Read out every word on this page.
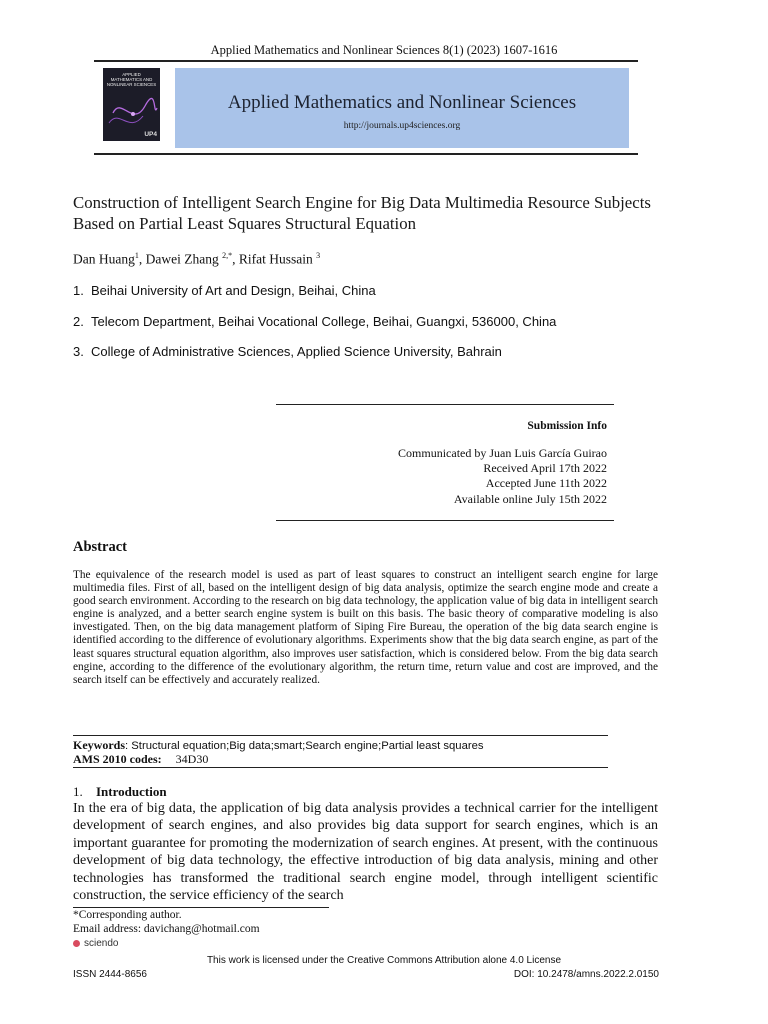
Applied Mathematics and Nonlinear Sciences 8(1) (2023) 1607-1616
APPLIED MATHEMATICS AND NONLINEAR SCIENCES
UP4
Applied Mathematics and Nonlinear Sciences
http://journals.up4sciences.org
Construction of Intelligent Search Engine for Big Data Multimedia Resource Subjects Based on Partial Least Squares Structural Equation
Dan Huang$^1$, Dawei Zhang $^{2,*}$, Rifat Hussain $^3$
1. Beihai University of Art and Design, Beihai, China
2. Telecom Department, Beihai Vocational College, Beihai, Guangxi, 536000, China
3. College of Administrative Sciences, Applied Science University, Bahrain
Submission Info
Communicated by Juan Luis García Guirao
Received April 17th 2022
Accepted June 11th 2022
Available online July 15th 2022
Abstract
The equivalence of the research model is used as part of least squares to construct an intelligent search engine for large multimedia files. First of all, based on the intelligent design of big data analysis, optimize the search engine mode and create a good search environment. According to the research on big data technology, the application value of big data in intelligent search engine is analyzed, and a better search engine system is built on this basis. The basic theory of comparative modeling is also investigated. Then, on the big data management platform of Siping Fire Bureau, the operation of the big data search engine is identified according to the difference of evolutionary algorithms. Experiments show that the big data search engine, as part of the least squares structural equation algorithm, also improves user satisfaction, which is considered below. From the big data search engine, according to the difference of the evolutionary algorithm, the return time, return value and cost are improved, and the search itself can be effectively and accurately realized.
Keywords: Structural equation;Big data;smart;Search engine;Partial least squares
AMS 2010 codes: 34D30
1. Introduction
In the era of big data, the application of big data analysis provides a technical carrier for the intelligent development of search engines, and also provides big data support for search engines, which is an important guarantee for promoting the modernization of search engines. At present, with the continuous development of big data technology, the effective introduction of big data analysis, mining and other technologies has transformed the traditional search engine model, through intelligent scientific construction, the service efficiency of the search
*Corresponding author.
Email address: davichang@hotmail.com
sciendo
This work is licensed under the Creative Commons Attribution alone 4.0 License
ISSN 2444-8656	DOI: 10.2478/amns.2022.2.0150
